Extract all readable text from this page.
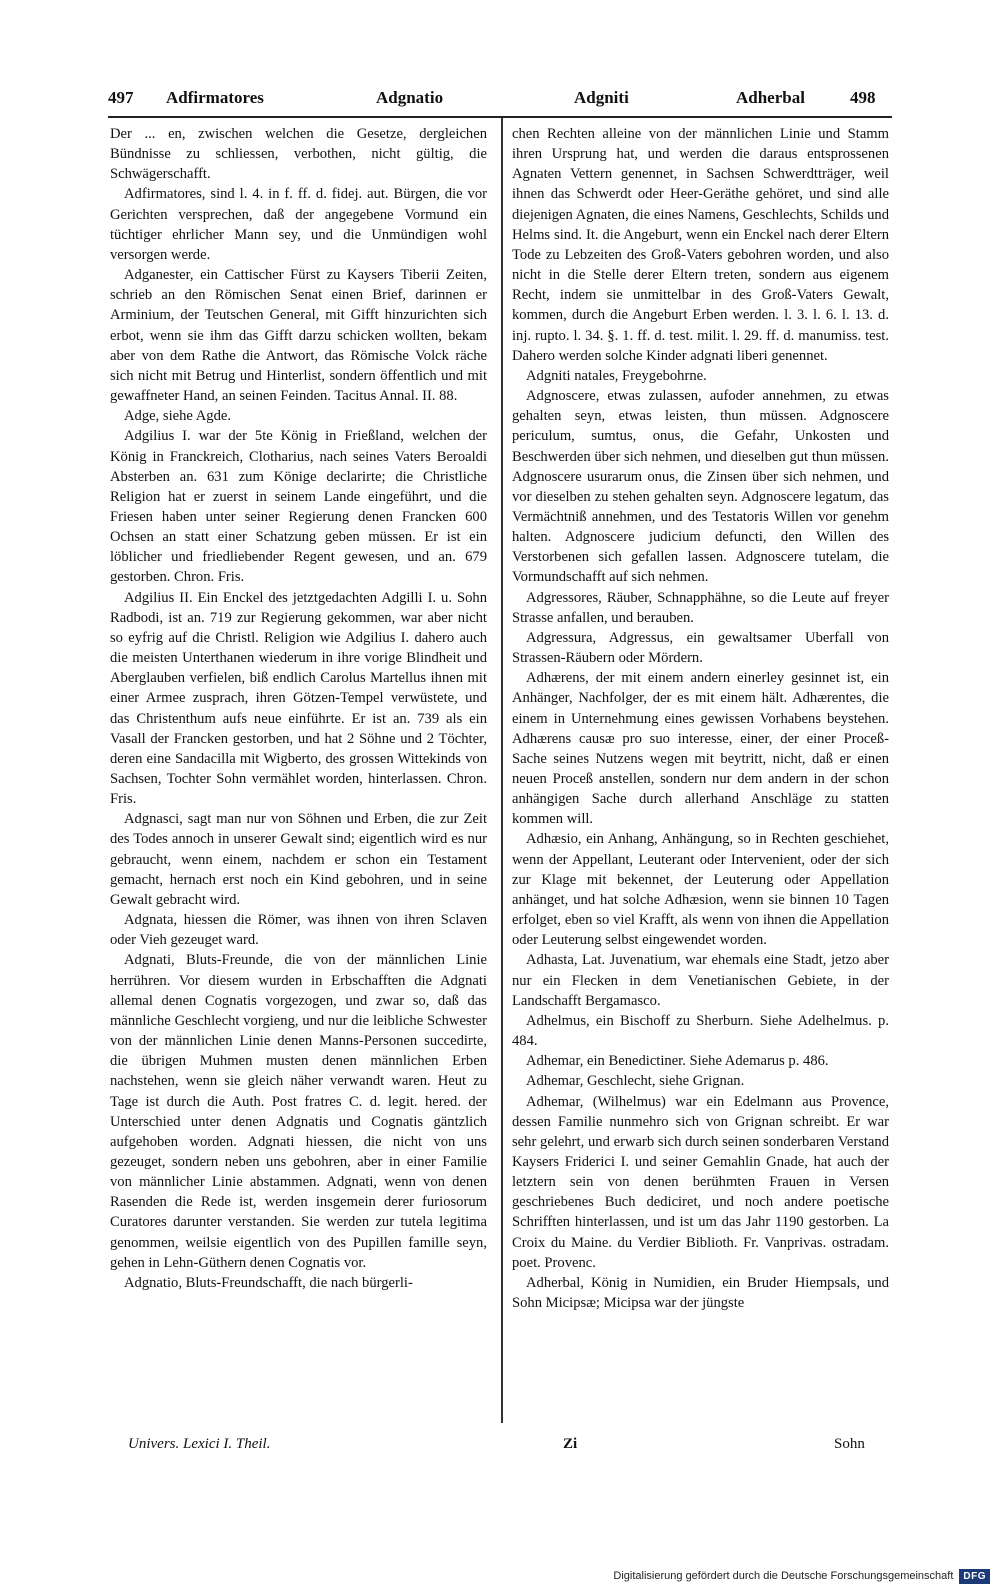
497 Adfirmatores	Adgnatio	Adgniti	Adherbal	498

Der ... en, zwischen welchen die Gesetze, dergleichen Bündnisse zu schliessen, verbothen, nicht gültig, die Schwägerschafft.

Adfirmatores, sind l. 4. in f. ff. d. fidej. aut. Bürgen, die vor Gerichten versprechen, daß der angegebene Vormund ein tüchtiger ehrlicher Mann sey, und die Unmündigen wohl versorgen werde.

Adganester, ein Cattischer Fürst zu Kaysers Tiberii Zeiten, schrieb an den Römischen Senat einen Brief, darinnen er Arminium, der Teutschen General, mit Gifft hinzurichten sich erbot, wenn sie ihm das Gifft darzu schicken wollten, bekam aber von dem Rathe die Antwort, das Römische Volck räche sich nicht mit Betrug und Hinterlist, sondern öffentlich und mit gewaffneter Hand, an seinen Feinden. Tacitus Annal. II. 88.

Adge, siehe Agde.

Adgilius I. war der 5te König in Frießland, welchen der König in Franckreich, Clotharius, nach seines Vaters Beroaldi Absterben an. 631 zum Könige declarirte; die Christliche Religion hat er zuerst in seinem Lande eingeführt, und die Friesen haben unter seiner Regierung denen Francken 600 Ochsen an statt einer Schatzung geben müssen. Er ist ein löblicher und friedliebender Regent gewesen, und an. 679 gestorben. Chron. Fris.

Adgilius II. Ein Enckel des jetztgedachten Adgilli I. u. Sohn Radbodi, ist an. 719 zur Regierung gekommen, war aber nicht so eyfrig auf die Christl. Religion wie Adgilius I. dahero auch die meisten Unterthanen wiederum in ihre vorige Blindheit und Aberglauben verfielen, biß endlich Carolus Martellus ihnen mit einer Armee zusprach, ihren Götzen-Tempel verwüstete, und das Christenthum aufs neue einführte. Er ist an. 739 als ein Vasall der Francken gestorben, und hat 2 Söhne und 2 Töchter, deren eine Sandacilla mit Wigberto, des grossen Wittekinds von Sachsen, Tochter Sohn vermählet worden, hinterlassen. Chron. Fris.

Adgnasci, sagt man nur von Söhnen und Erben, die zur Zeit des Todes annoch in unserer Gewalt sind; eigentlich wird es nur gebraucht, wenn einem, nachdem er schon ein Testament gemacht, hernach erst noch ein Kind gebohren, und in seine Gewalt gebracht wird.

Adgnata, hiessen die Römer, was ihnen von ihren Sclaven oder Vieh gezeuget ward.

Adgnati, Bluts-Freunde, die von der männlichen Linie herrühren. Vor diesem wurden in Erbschafften die Adgnati allemal denen Cognatis vorgezogen, und zwar so, daß das männliche Geschlecht vorgieng, und nur die leibliche Schwester von der männlichen Linie denen Manns-Personen succedirte, die übrigen Muhmen musten denen männlichen Erben nachstehen, wenn sie gleich näher verwandt waren. Heut zu Tage ist durch die Auth. Post fratres C. d. legit. hered. der Unterschied unter denen Adgnatis und Cognatis gäntzlich aufgehoben worden. Adgnati hiessen, die nicht von uns gezeuget, sondern neben uns gebohren, aber in einer Familie von männlicher Linie abstammen. Adgnati, wenn von denen Rasenden die Rede ist, werden insgemein derer furiosorum Curatores darunter verstanden. Sie werden zur tutela legitima genommen, weilsie eigentlich von des Pupillen famille seyn, gehen in Lehn-Güthern denen Cognatis vor.

Adgnatio, Bluts-Freundschafft, die nach bürgerli-

chen Rechten alleine von der männlichen Linie und Stamm ihren Ursprung hat, und werden die daraus entsprossenen Agnaten Vettern genennet, in Sachsen Schwerdtträger, weil ihnen das Schwerdt oder Heer-Geräthe gehöret, und sind alle diejenigen Agnaten, die eines Namens, Geschlechts, Schilds und Helms sind. It. die Angeburt, wenn ein Enckel nach derer Eltern Tode zu Lebzeiten des Groß-Vaters gebohren worden, und also nicht in die Stelle derer Eltern treten, sondern aus eigenem Recht, indem sie unmittelbar in des Groß-Vaters Gewalt, kommen, durch die Angeburt Erben werden. l. 3. l. 6. l. 13. d. inj. rupto. l. 34. §. 1. ff. d. test. milit. l. 29. ff. d. manumiss. test. Dahero werden solche Kinder adgnati liberi genennet.

Adgniti natales, Freygebohrne.

Adgnoscere, etwas zulassen, aufoder annehmen, zu etwas gehalten seyn, etwas leisten, thun müssen. Adgnoscere periculum, sumtus, onus, die Gefahr, Unkosten und Beschwerden über sich nehmen, und dieselben gut thun müssen. Adgnoscere usurarum onus, die Zinsen über sich nehmen, und vor dieselben zu stehen gehalten seyn. Adgnoscere legatum, das Vermächtniß annehmen, und des Testatoris Willen vor genehm halten. Adgnoscere judicium defuncti, den Willen des Verstorbenen sich gefallen lassen. Adgnoscere tutelam, die Vormundschafft auf sich nehmen.

Adgressores, Räuber, Schnapphähne, so die Leute auf freyer Strasse anfallen, und berauben.

Adgressura, Adgressus, ein gewaltsamer Uberfall von Strassen-Räubern oder Mördern.

Adhærens, der mit einem andern einerley gesinnet ist, ein Anhänger, Nachfolger, der es mit einem hält. Adhærentes, die einem in Unternehmung eines gewissen Vorhabens beystehen. Adhærens causæ pro suo interesse, einer, der einer Proceß-Sache seines Nutzens wegen mit beytritt, nicht, daß er einen neuen Proceß anstellen, sondern nur dem andern in der schon anhängigen Sache durch allerhand Anschläge zu statten kommen will.

Adhæsio, ein Anhang, Anhängung, so in Rechten geschiehet, wenn der Appellant, Leuterant oder Intervenient, oder der sich zur Klage mit bekennet, der Leuterung oder Appellation anhänget, und hat solche Adhæsion, wenn sie binnen 10 Tagen erfolget, eben so viel Krafft, als wenn von ihnen die Appellation oder Leuterung selbst eingewendet worden.

Adhasta, Lat. Juvenatium, war ehemals eine Stadt, jetzo aber nur ein Flecken in dem Venetianischen Gebiete, in der Landschafft Bergamasco.

Adhelmus, ein Bischoff zu Sherburn. Siehe Adelhelmus. p. 484.

Adhemar, ein Benedictiner. Siehe Ademarus p. 486.

Adhemar, Geschlecht, siehe Grignan.

Adhemar, (Wilhelmus) war ein Edelmann aus Provence, dessen Familie nunmehro sich von Grignan schreibt. Er war sehr gelehrt, und erwarb sich durch seinen sonderbaren Verstand Kaysers Friderici I. und seiner Gemahlin Gnade, hat auch der letztern sein von denen berühmten Frauen in Versen geschriebenes Buch dediciret, und noch andere poetische Schrifften hinterlassen, und ist um das Jahr 1190 gestorben. La Croix du Maine. du Verdier Biblioth. Fr. Vanprivas. ostradam. poet. Provenc.

Adherbal, König in Numidien, ein Bruder Hiempsals, und Sohn Micipsæ; Micipsa war der jüngste

Univers. Lexici I. Theil.	Zi	Sohn
Digitalisierung gefördert durch die Deutsche Forschungsgemeinschaft	DFG
